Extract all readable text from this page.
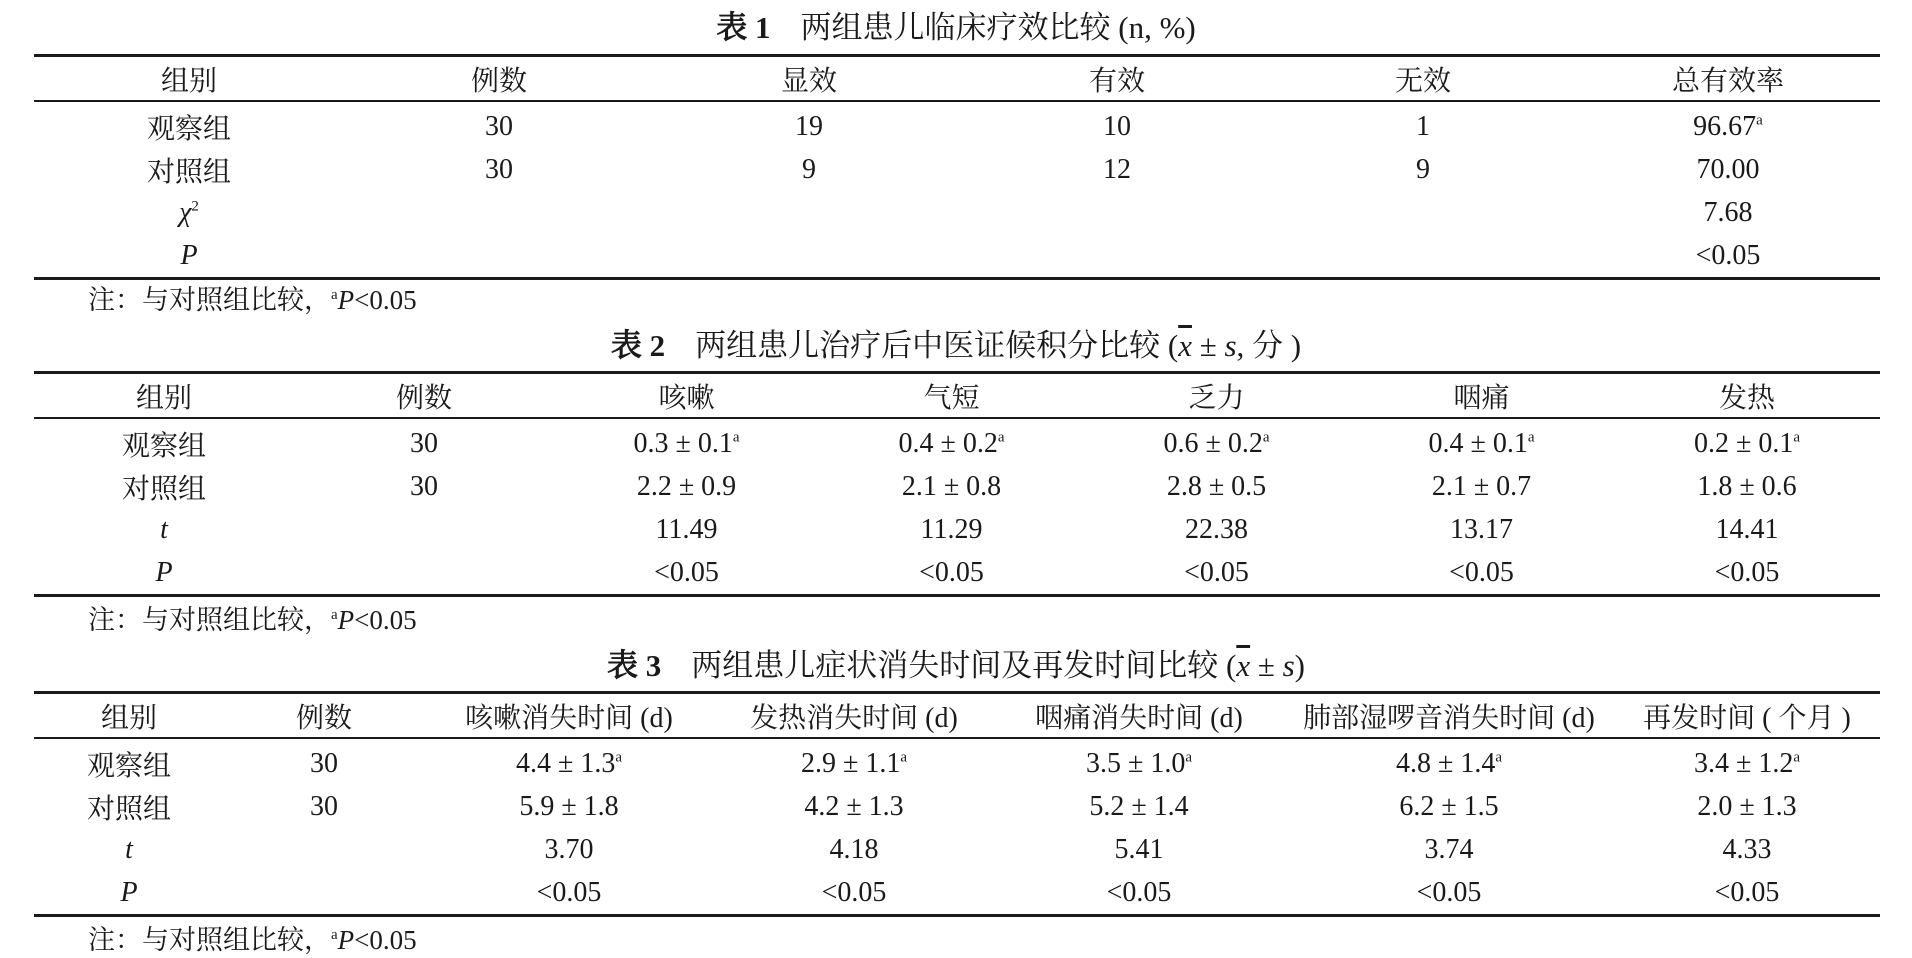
表 1 两组患儿临床疗效比较 (n, %)
组别	例数	显效	有效	无效	总有效率
观察组	30	19	10	1	96.67$^a$
对照组	30	9	12	9	70.00
$\chi^2$					7.68
P					<0.05
注：与对照组比较，$^a$P<0.05
表 2 两组患儿治疗后中医证候积分比较 ($\overline{x} \pm s$, 分 )
组别	例数	咳嗽	气短	乏力	咽痛	发热
观察组	30	0.3 ± 0.1$^a$	0.4 ± 0.2$^a$	0.6 ± 0.2$^a$	0.4 ± 0.1$^a$	0.2 ± 0.1$^a$
对照组	30	2.2 ± 0.9	2.1 ± 0.8	2.8 ± 0.5	2.1 ± 0.7	1.8 ± 0.6
t		11.49	11.29	22.38	13.17	14.41
P		<0.05	<0.05	<0.05	<0.05	<0.05
注：与对照组比较，$^a$P<0.05
表 3 两组患儿症状消失时间及再发时间比较 $(\overline{x} \pm s)$
组别	例数	咳嗽消失时间 (d)	发热消失时间 (d)	咽痛消失时间 (d)	肺部湿啰音消失时间 (d)	再发时间 ( 个月 )
观察组	30	4.4 ± 1.3$^a$	2.9 ± 1.1$^a$	3.5 ± 1.0$^a$	4.8 ± 1.4$^a$	3.4 ± 1.2$^a$
对照组	30	5.9 ± 1.8	4.2 ± 1.3	5.2 ± 1.4	6.2 ± 1.5	2.0 ± 1.3
t		3.70	4.18	5.41	3.74	4.33
P		<0.05	<0.05	<0.05	<0.05	<0.05
注：与对照组比较，$^a$P<0.05
